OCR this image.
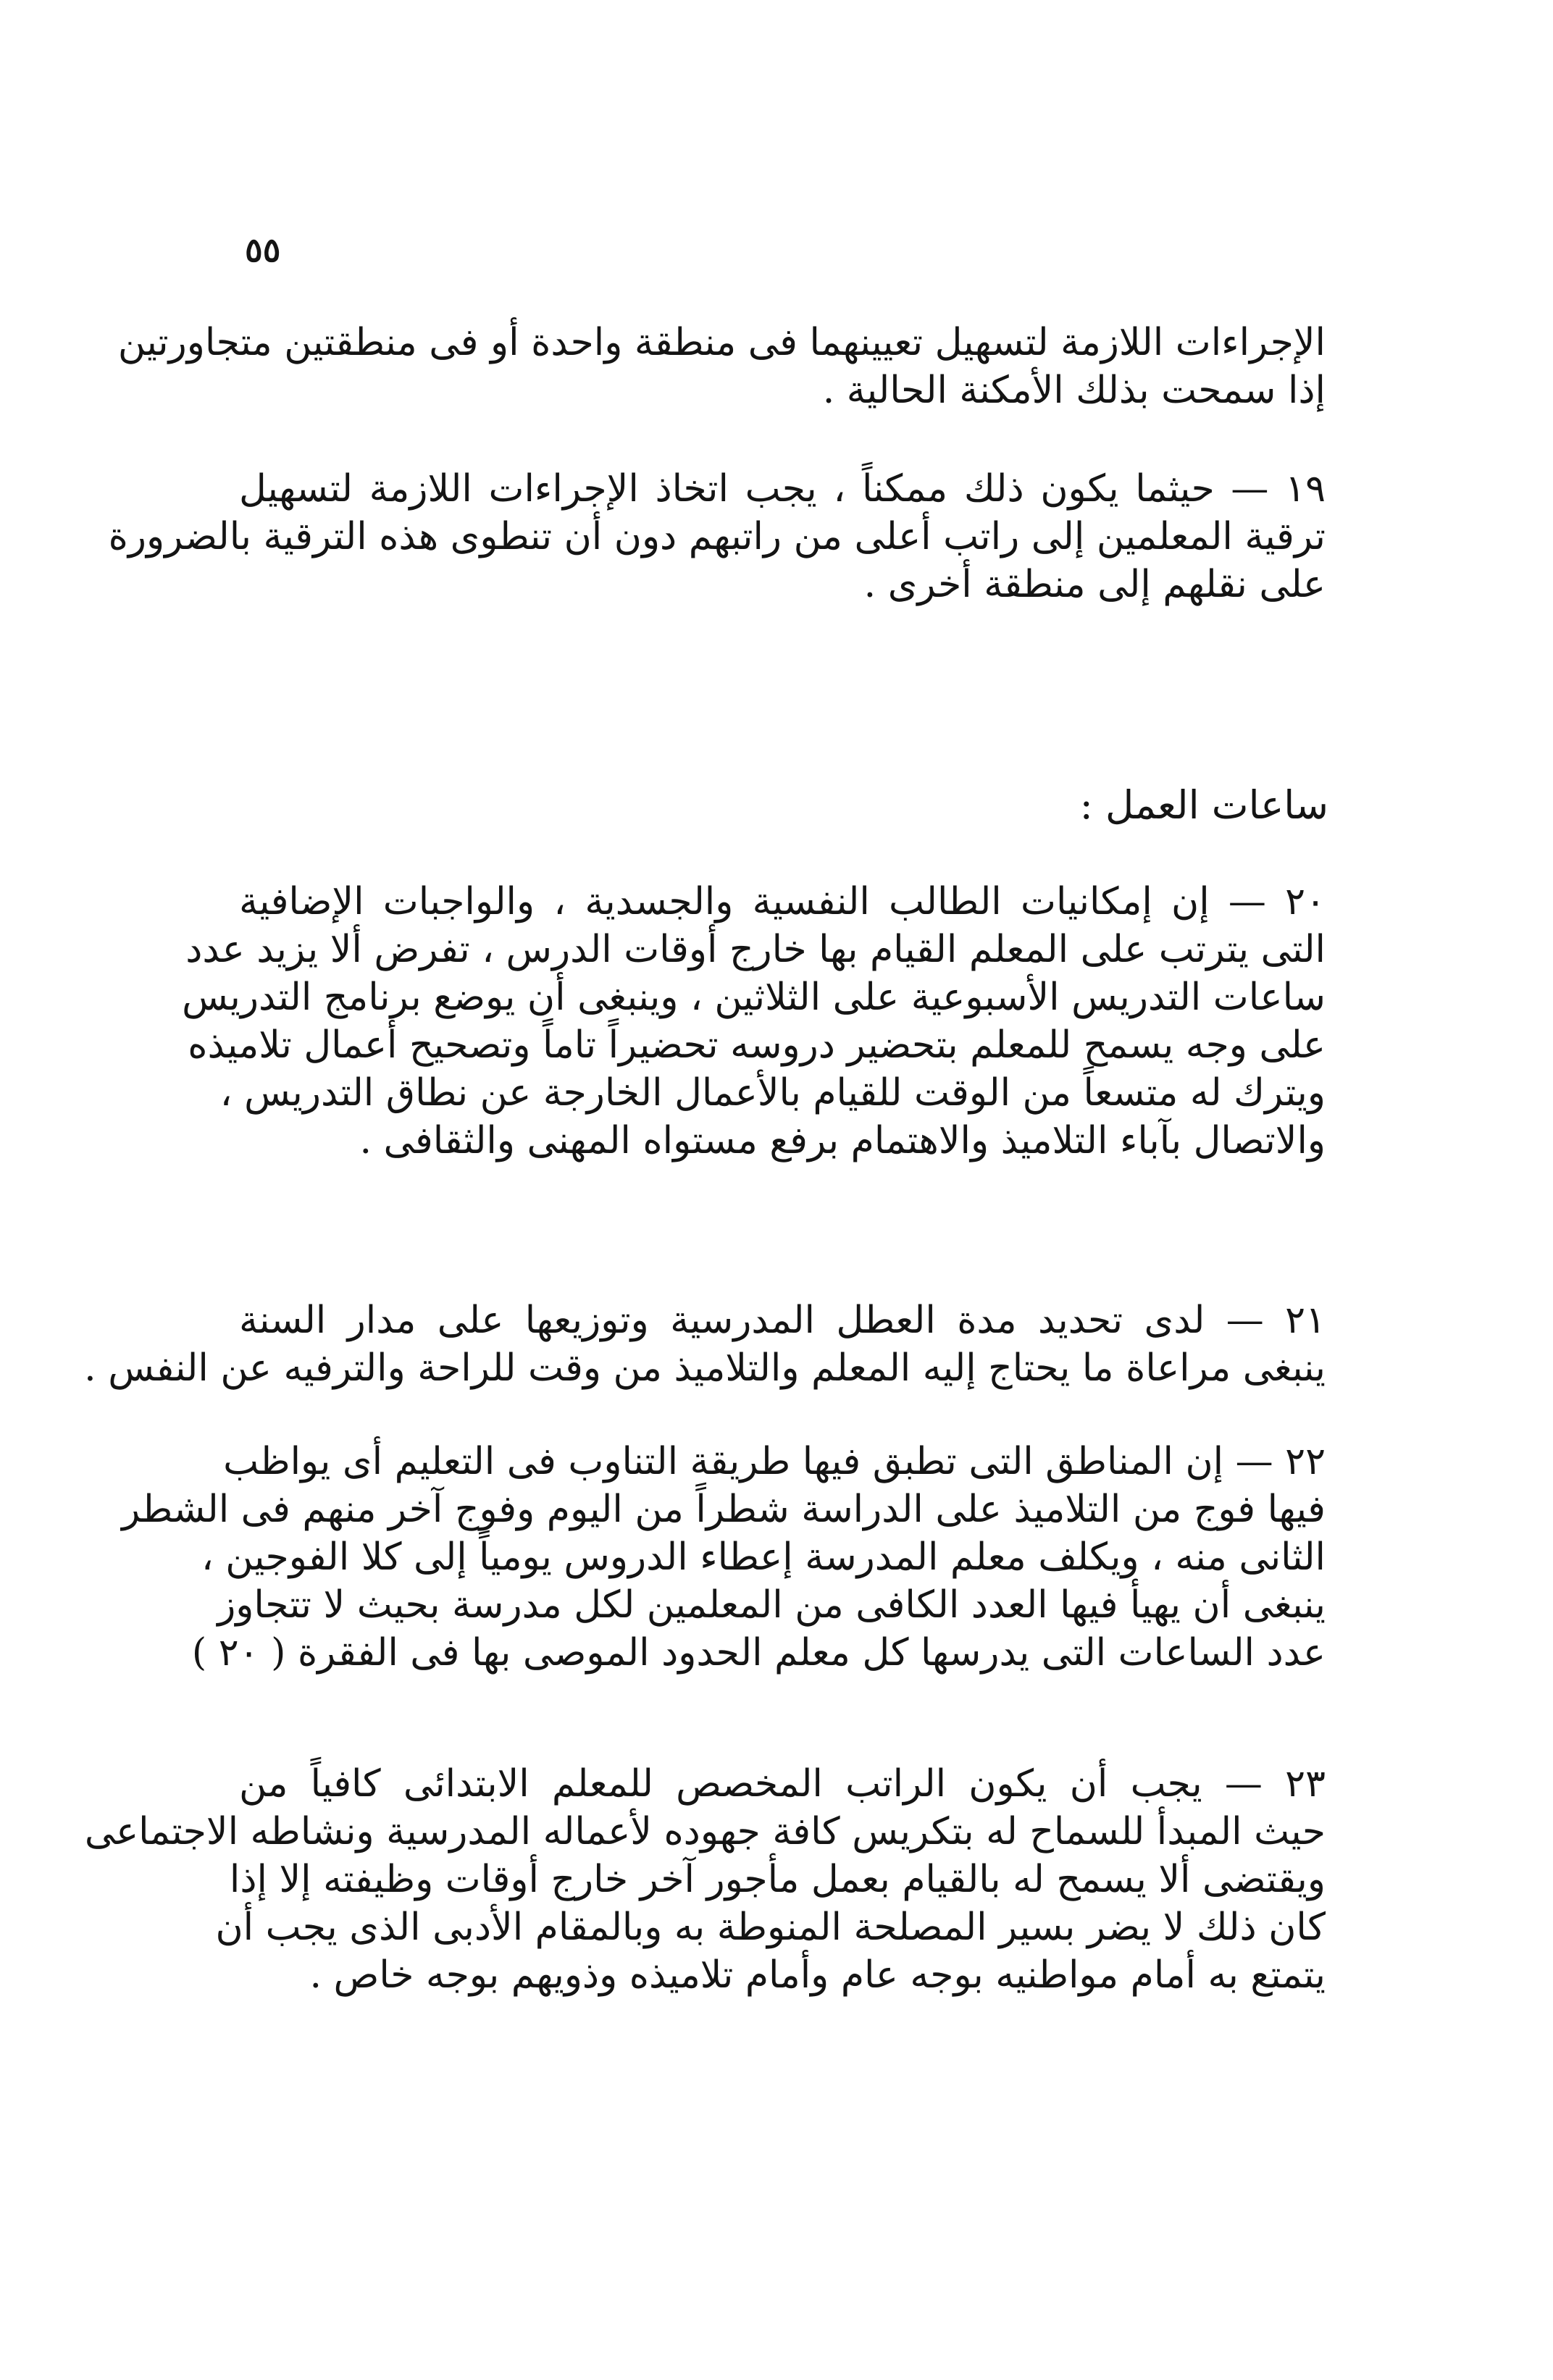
٥٥
الإجراءات اللازمة لتسهيل تعيينهما فى منطقة واحدة أو فى منطقتين متجاورتين
إذا سمحت بذلك الأمكنة الحالية .
١٩ — حيثما يكون ذلك ممكناً ، يجب اتخاذ الإجراءات اللازمة لتسهيل
ترقية المعلمين إلى راتب أعلى من راتبهم دون أن تنطوى هذه الترقية بالضرورة
على نقلهم إلى منطقة أخرى .
ساعات العمل :
٢٠ — إن إمكانيات الطالب النفسية والجسدية ، والواجبات الإضافية
التى يترتب على المعلم القيام بها خارج أوقات الدرس ، تفرض ألا يزيد عدد
ساعات التدريس الأسبوعية على الثلاثين ، وينبغى أن يوضع برنامج التدريس
على وجه يسمح للمعلم بتحضير دروسه تحضيراً تاماً وتصحيح أعمال تلاميذه
ويترك له متسعاً من الوقت للقيام بالأعمال الخارجة عن نطاق التدريس ،
والاتصال بآباء التلاميذ والاهتمام برفع مستواه المهنى والثقافى .
٢١ — لدى تحديد مدة العطل المدرسية وتوزيعها على مدار السنة
ينبغى مراعاة ما يحتاج إليه المعلم والتلاميذ من وقت للراحة والترفيه عن النفس .
٢٢ — إن المناطق التى تطبق فيها طريقة التناوب فى التعليم أى يواظب
فيها فوج من التلاميذ على الدراسة شطراً من اليوم وفوج آخر منهم فى الشطر
الثانى منه ، ويكلف معلم المدرسة إعطاء الدروس يومياً إلى كلا الفوجين ،
ينبغى أن يهيأ فيها العدد الكافى من المعلمين لكل مدرسة بحيث لا تتجاوز
عدد الساعات التى يدرسها كل معلم الحدود الموصى بها فى الفقرة ( ٢٠ )
٢٣ — يجب أن يكون الراتب المخصص للمعلم الابتدائى كافياً من
حيث المبدأ للسماح له بتكريس كافة جهوده لأعماله المدرسية ونشاطه الاجتماعى
ويقتضى ألا يسمح له بالقيام بعمل مأجور آخر خارج أوقات وظيفته إلا إذا
كان ذلك لا يضر بسير المصلحة المنوطة به وبالمقام الأدبى الذى يجب أن
يتمتع به أمام مواطنيه بوجه عام وأمام تلاميذه وذويهم بوجه خاص .
